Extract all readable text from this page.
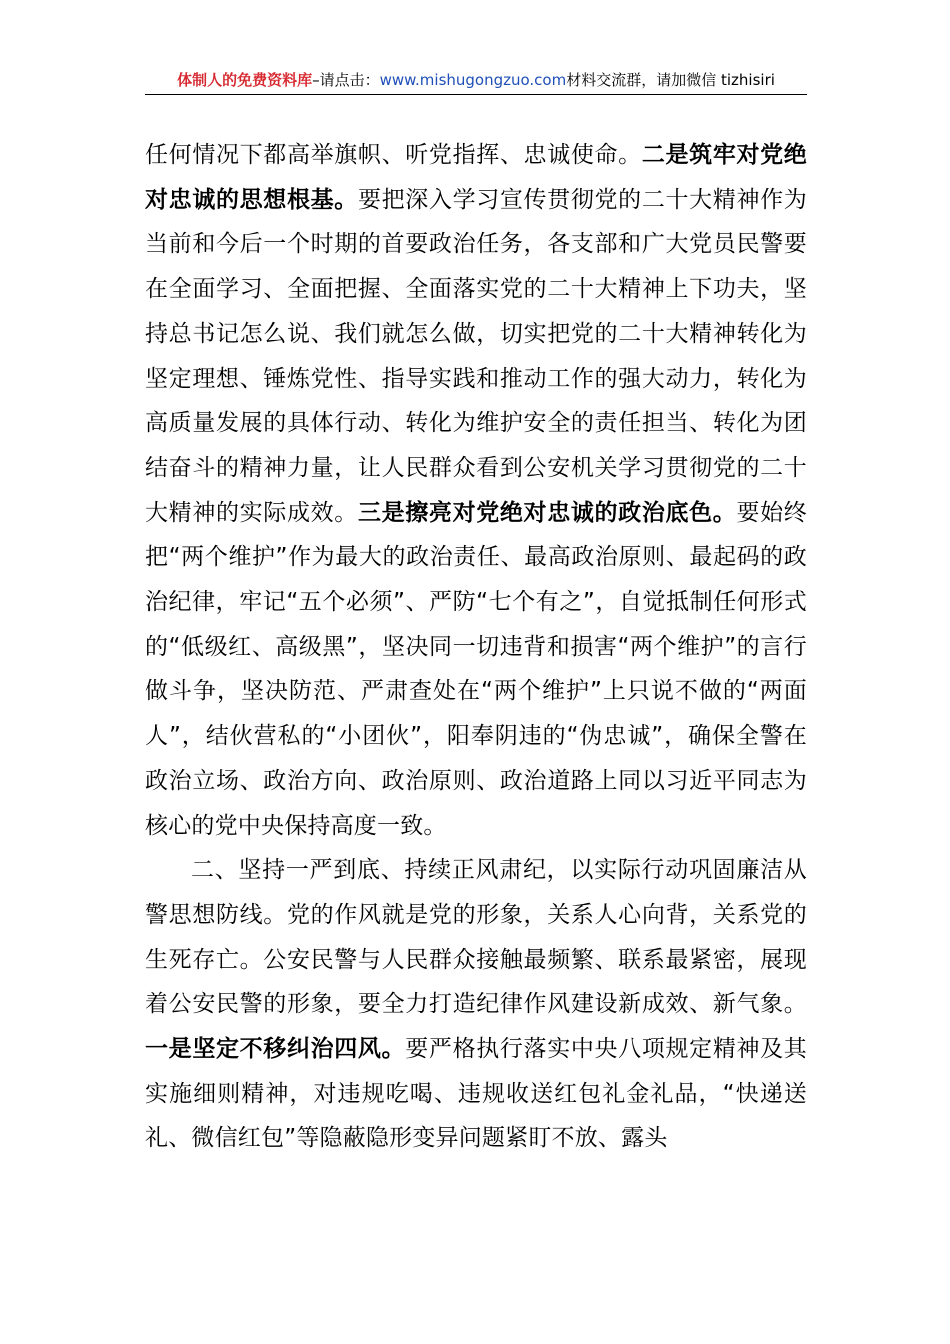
体制人的免费资料库–请点击：www.mishugongzuo.com材料交流群，请加微信 tizhisiri

任何情况下都高举旗帜、听党指挥、忠诚使命。二是筑牢对党绝对忠诚的思想根基。要把深入学习宣传贯彻党的二十大精神作为当前和今后一个时期的首要政治任务，各支部和广大党员民警要在全面学习、全面把握、全面落实党的二十大精神上下功夫，坚持总书记怎么说、我们就怎么做，切实把党的二十大精神转化为坚定理想、锤炼党性、指导实践和推动工作的强大动力，转化为高质量发展的具体行动、转化为维护安全的责任担当、转化为团结奋斗的精神力量，让人民群众看到公安机关学习贯彻党的二十大精神的实际成效。三是擦亮对党绝对忠诚的政治底色。要始终把“两个维护”作为最大的政治责任、最高政治原则、最起码的政治纪律，牢记“五个必须”、严防“七个有之”，自觉抵制任何形式的“低级红、高级黑”，坚决同一切违背和损害“两个维护”的言行做斗争，坚决防范、严肃查处在“两个维护”上只说不做的“两面人”，结伙营私的“小团伙”，阳奉阴违的“伪忠诚”，确保全警在政治立场、政治方向、政治原则、政治道路上同以习近平同志为核心的党中央保持高度一致。

二、坚持一严到底、持续正风肃纪，以实际行动巩固廉洁从警思想防线。党的作风就是党的形象，关系人心向背，关系党的生死存亡。公安民警与人民群众接触最频繁、联系最紧密，展现着公安民警的形象，要全力打造纪律作风建设新成效、新气象。一是坚定不移纠治四风。要严格执行落实中央八项规定精神及其实施细则精神，对违规吃喝、违规收送红包礼金礼品，“快递送礼、微信红包”等隐蔽隐形变异问题紧盯不放、露头
